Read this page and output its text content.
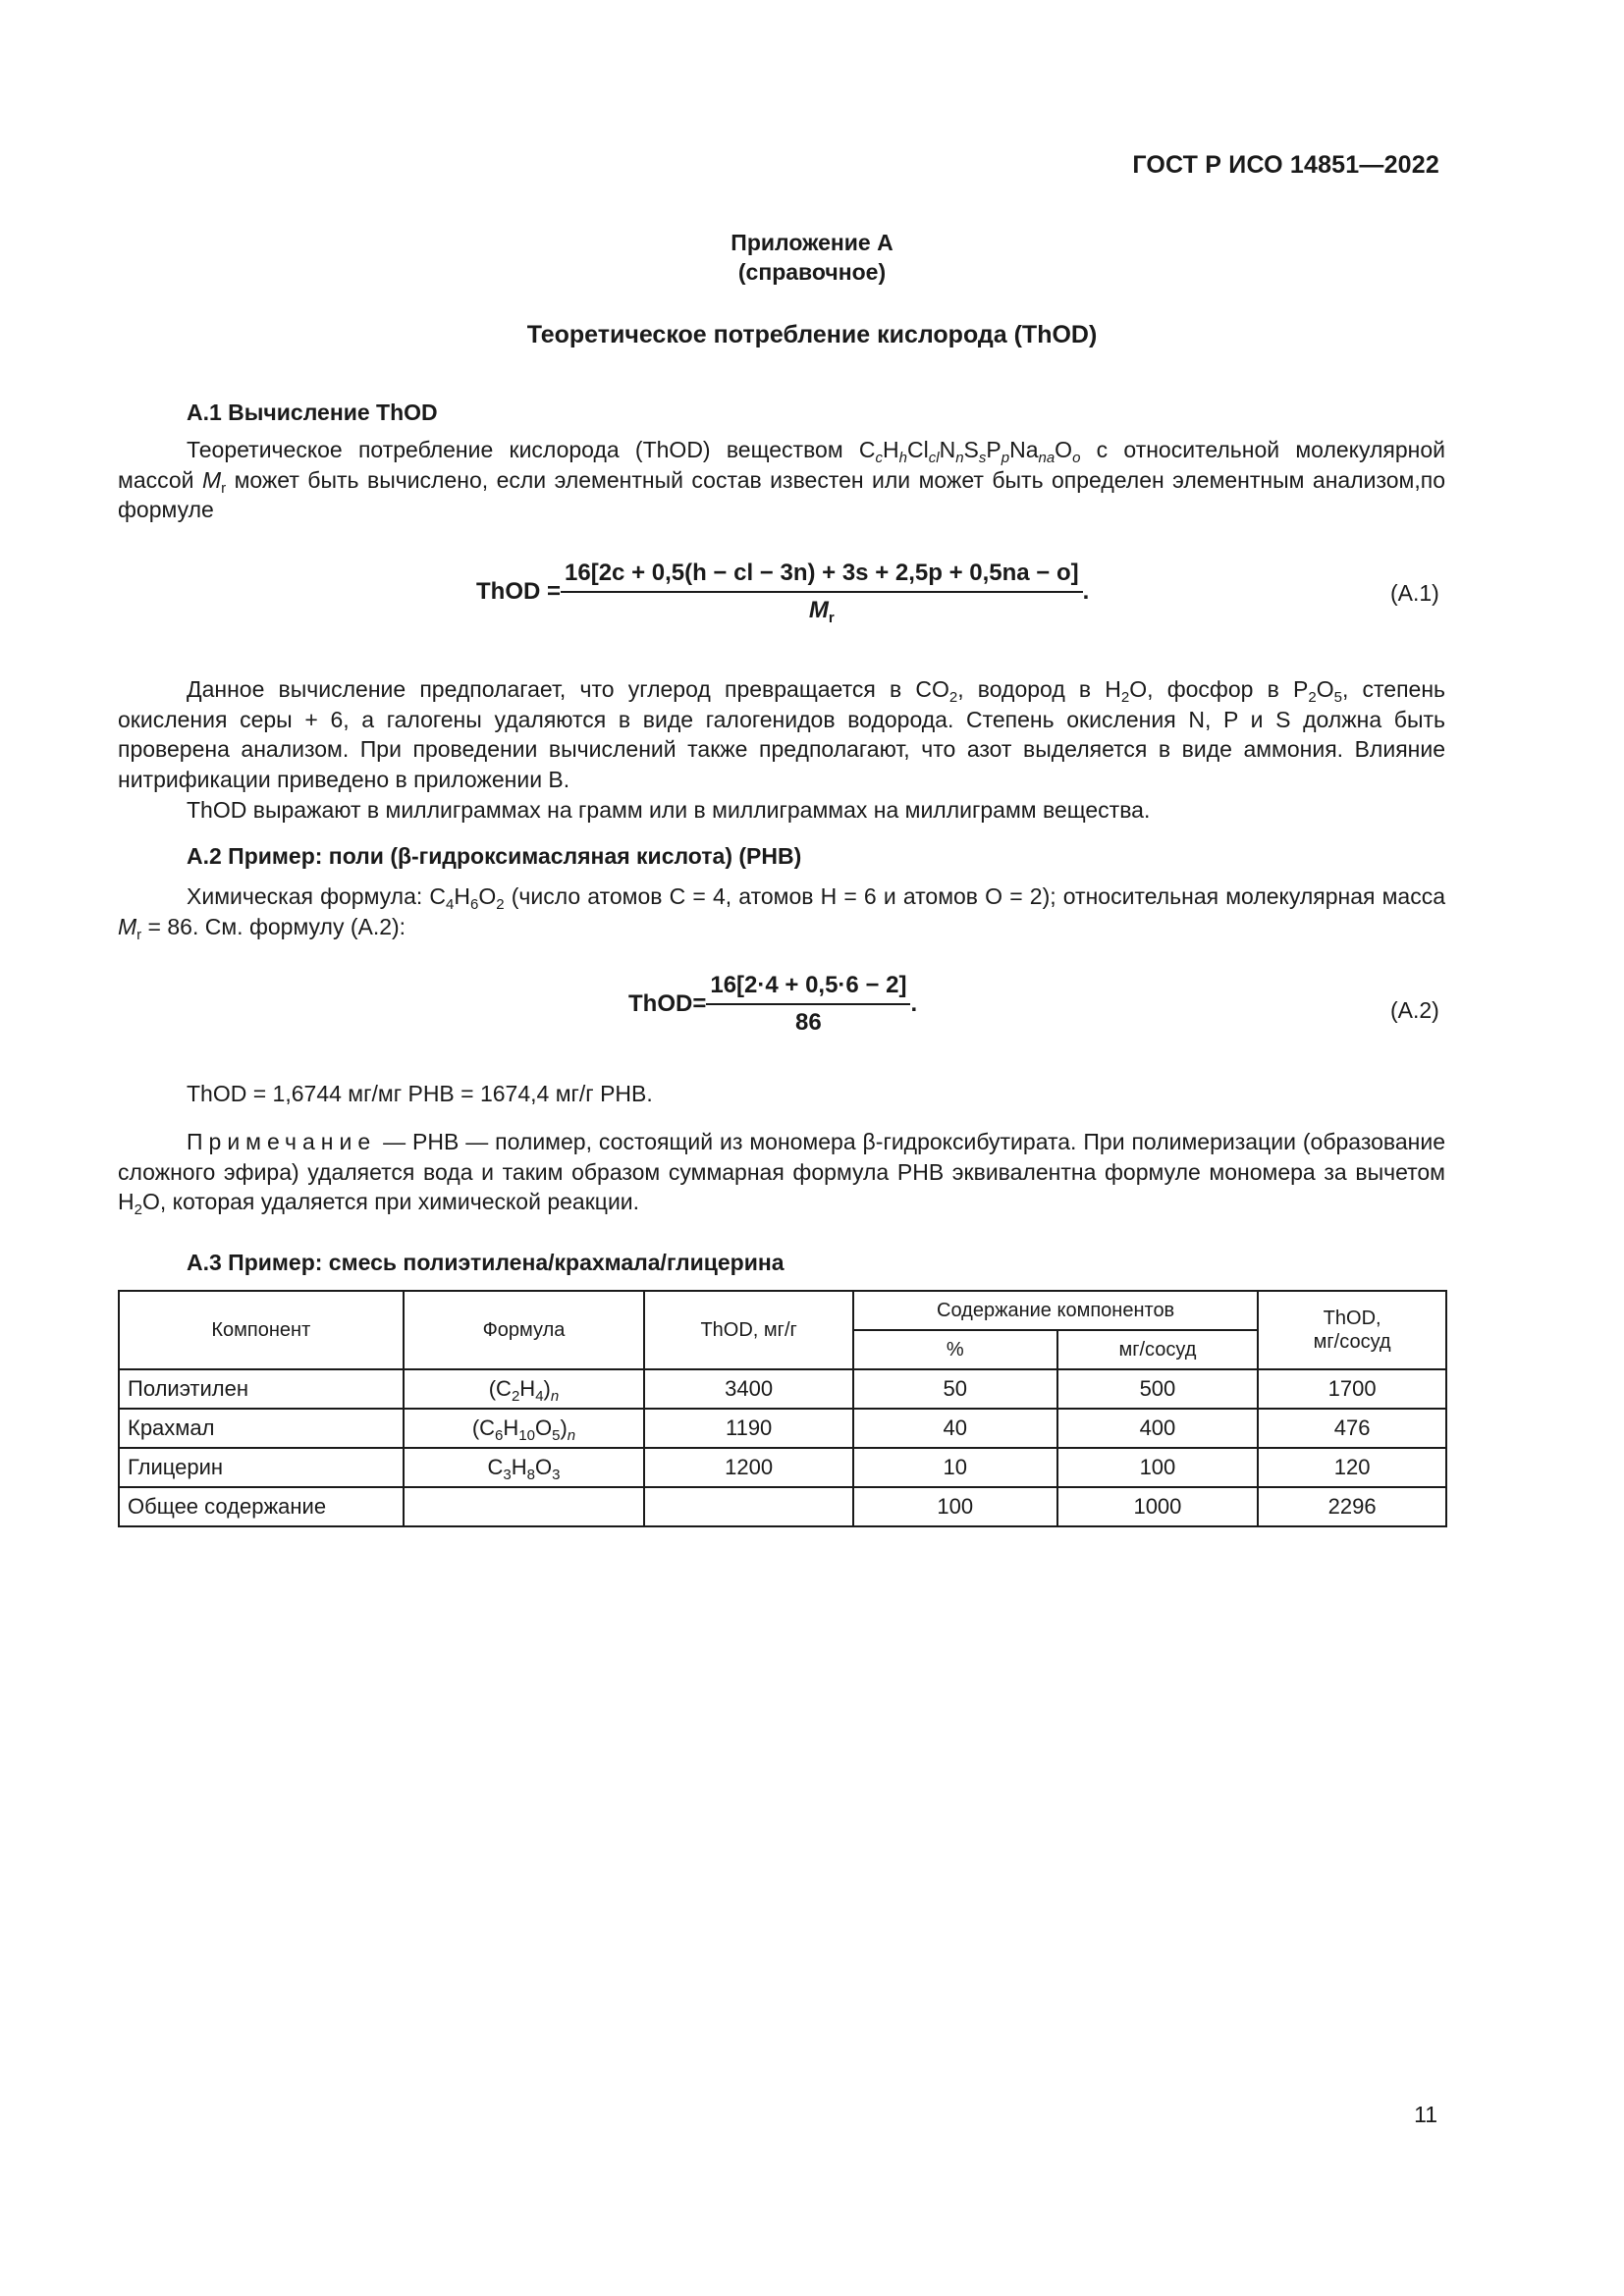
ГОСТ Р ИСО 14851—2022
Приложение А
(справочное)
Теоретическое потребление кислорода (ThOD)
А.1 Вычисление ThOD
Теоретическое потребление кислорода (ThOD) веществом $C_cH_hCl_{cl}N_nS_sP_pNa_{na}O_o$ с относительной молекулярной массой $M_r$ может быть вычислено, если элементный состав известен или может быть определен элементным анализом,по формуле
ThOD = $\frac{16[2c + 0,5(h - cl - 3n) + 3s + 2,5p + 0,5na - o]}{M_r}$ .	(А.1)
Данное вычисление предполагает, что углерод превращается в $CO_2$, водород в $H_2O$, фосфор в $P_2O_5$, степень окисления серы + 6, а галогены удаляются в виде галогенидов водорода. Степень окисления N, P и S должна быть проверена анализом. При проведении вычислений также предполагают, что азот выделяется в виде аммония. Влияние нитрификации приведено в приложении В.
ThOD выражают в миллиграммах на грамм или в миллиграммах на миллиграмм вещества.
А.2 Пример: поли (β-гидроксимасляная кислота) (PHB)
Химическая формула: $C_4H_6O_2$ (число атомов C = 4, атомов H = 6 и атомов O = 2); относительная молекулярная масса $M_r = 86$. См. формулу (А.2):
ThOD= $\frac{16[2\cdot 4 + 0,5\cdot 6 - 2]}{86}$ .	(А.2)
ThOD = 1,6744 мг/мг PHB = 1674,4 мг/г PHB.
Примечание — PHB — полимер, состоящий из мономера β-гидроксибутирата. При полимеризации (образование сложного эфира) удаляется вода и таким образом суммарная формула PHB эквивалентна формуле мономера за вычетом $H_2O$, которая удаляется при химической реакции.
А.3 Пример: смесь полиэтилена/крахмала/глицерина
Компонент	Формула	ThOD, мг/г	Содержание компонентов		ThOD,
мг/сосуд
			%	мг/сосуд	
Полиэтилен	$(C_2H_4)_n$	3400	50	500	1700
Крахмал	$(C_6H_{10}O_5)_n$	1190	40	400	476
Глицерин	$C_3H_8O_3$	1200	10	100	120
Общее содержание			100	1000	2296
11
